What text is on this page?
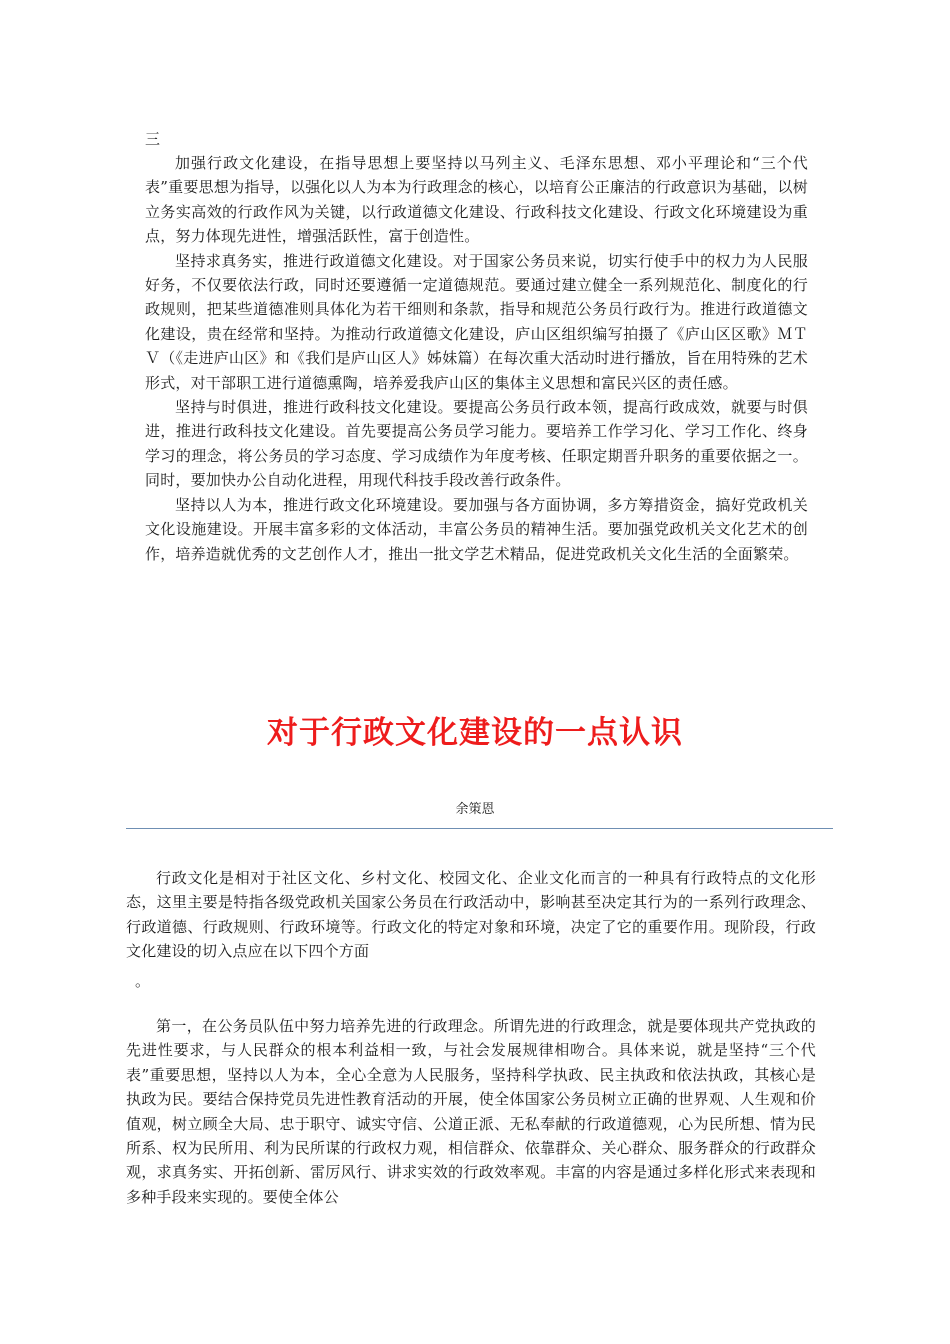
三

加强行政文化建设，在指导思想上要坚持以马列主义、毛泽东思想、邓小平理论和“三个代表”重要思想为指导，以强化以人为本为行政理念的核心，以培育公正廉洁的行政意识为基础，以树立务实高效的行政作风为关键，以行政道德文化建设、行政科技文化建设、行政文化环境建设为重点，努力体现先进性，增强活跃性，富于创造性。

坚持求真务实，推进行政道德文化建设。对于国家公务员来说，切实行使手中的权力为人民服好务，不仅要依法行政，同时还要遵循一定道德规范。要通过建立健全一系列规范化、制度化的行政规则，把某些道德准则具体化为若干细则和条款，指导和规范公务员行政行为。推进行政道德文化建设，贵在经常和坚持。为推动行政道德文化建设，庐山区组织编写拍摄了《庐山区区歌》ＭＴＶ（《走进庐山区》和《我们是庐山区人》姊妹篇）在每次重大活动时进行播放，旨在用特殊的艺术形式，对干部职工进行道德熏陶，培养爱我庐山区的集体主义思想和富民兴区的责任感。

坚持与时俱进，推进行政科技文化建设。要提高公务员行政本领，提高行政成效，就要与时俱进，推进行政科技文化建设。首先要提高公务员学习能力。要培养工作学习化、学习工作化、终身学习的理念，将公务员的学习态度、学习成绩作为年度考核、任职定期晋升职务的重要依据之一。同时，要加快办公自动化进程，用现代科技手段改善行政条件。

坚持以人为本，推进行政文化环境建设。要加强与各方面协调，多方筹措资金，搞好党政机关文化设施建设。开展丰富多彩的文体活动，丰富公务员的精神生活。要加强党政机关文化艺术的创作，培养造就优秀的文艺创作人才，推出一批文学艺术精品，促进党政机关文化生活的全面繁荣。

对于行政文化建设的一点认识
余策恩

行政文化是相对于社区文化、乡村文化、校园文化、企业文化而言的一种具有行政特点的文化形态，这里主要是特指各级党政机关国家公务员在行政活动中，影响甚至决定其行为的一系列行政理念、行政道德、行政规则、行政环境等。行政文化的特定对象和环境，决定了它的重要作用。现阶段，行政文化建设的切入点应在以下四个方面

。

第一，在公务员队伍中努力培养先进的行政理念。所谓先进的行政理念，就是要体现共产党执政的先进性要求，与人民群众的根本利益相一致，与社会发展规律相吻合。具体来说，就是坚持“三个代表”重要思想，坚持以人为本，全心全意为人民服务，坚持科学执政、民主执政和依法执政，其核心是执政为民。要结合保持党员先进性教育活动的开展，使全体国家公务员树立正确的世界观、人生观和价值观，树立顾全大局、忠于职守、诚实守信、公道正派、无私奉献的行政道德观，心为民所想、情为民所系、权为民所用、利为民所谋的行政权力观，相信群众、依靠群众、关心群众、服务群众的行政群众观，求真务实、开拓创新、雷厉风行、讲求实效的行政效率观。丰富的内容是通过多样化形式来表现和多种手段来实现的。要使全体公
